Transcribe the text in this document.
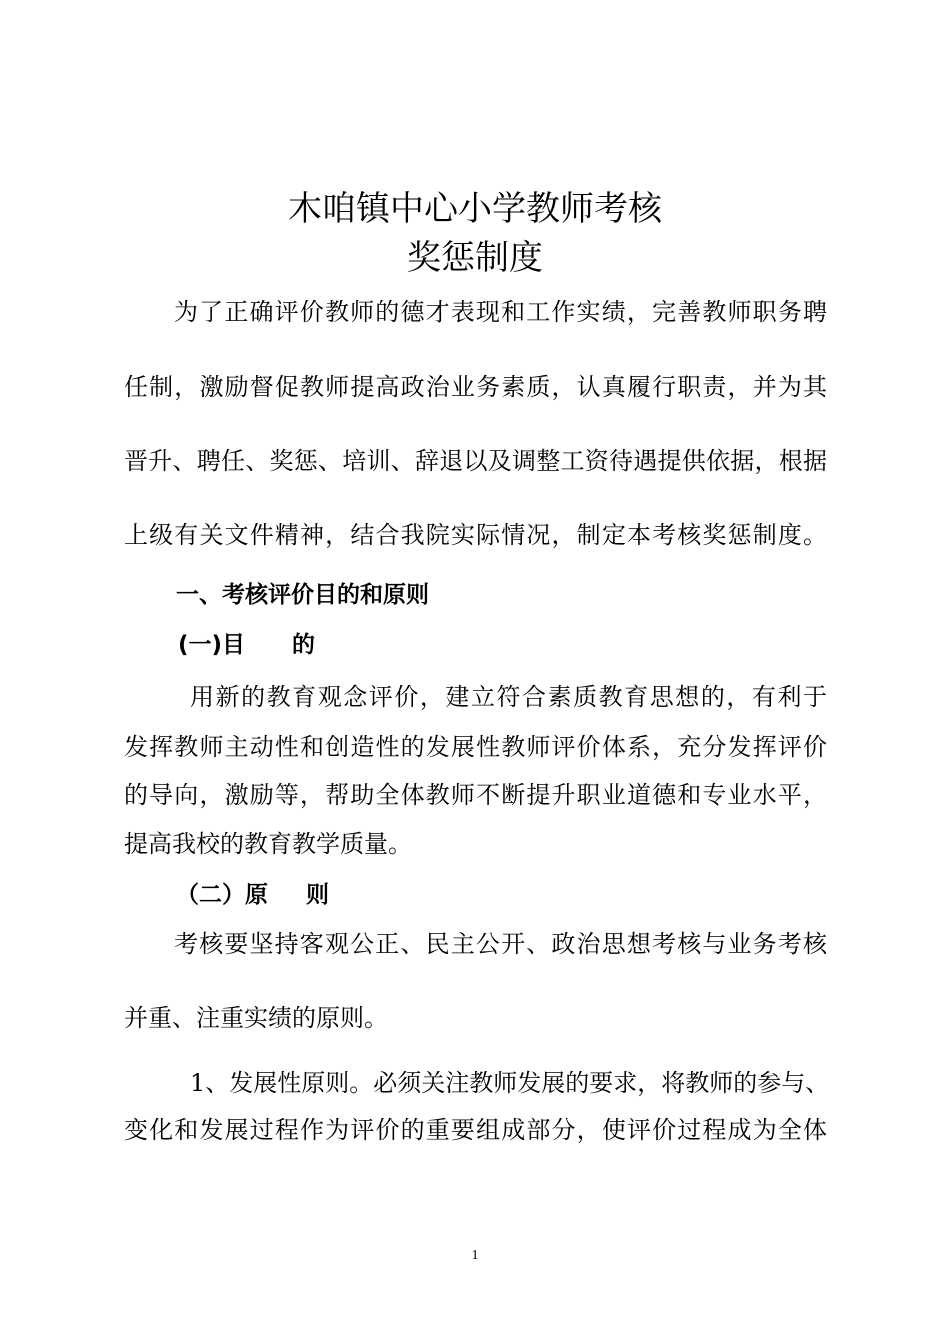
木咱镇中心小学教师考核
奖惩制度
为了正确评价教师的德才表现和工作实绩，完善教师职务聘
任制，激励督促教师提高政治业务素质，认真履行职责，并为其
晋升、聘任、奖惩、培训、辞退以及调整工资待遇提供依据，根据
上级有关文件精神，结合我院实际情况，制定本考核奖惩制度。
一、考核评价目的和原则
(一)目 的
用新的教育观念评价，建立符合素质教育思想的，有利于
发挥教师主动性和创造性的发展性教师评价体系，充分发挥评价
的导向，激励等，帮助全体教师不断提升职业道德和专业水平，
提高我校的教育教学质量。
（二）原 则
考核要坚持客观公正、民主公开、政治思想考核与业务考核
并重、注重实绩的原则。
1、发展性原则。必须关注教师发展的要求，将教师的参与、
变化和发展过程作为评价的重要组成部分，使评价过程成为全体
1
